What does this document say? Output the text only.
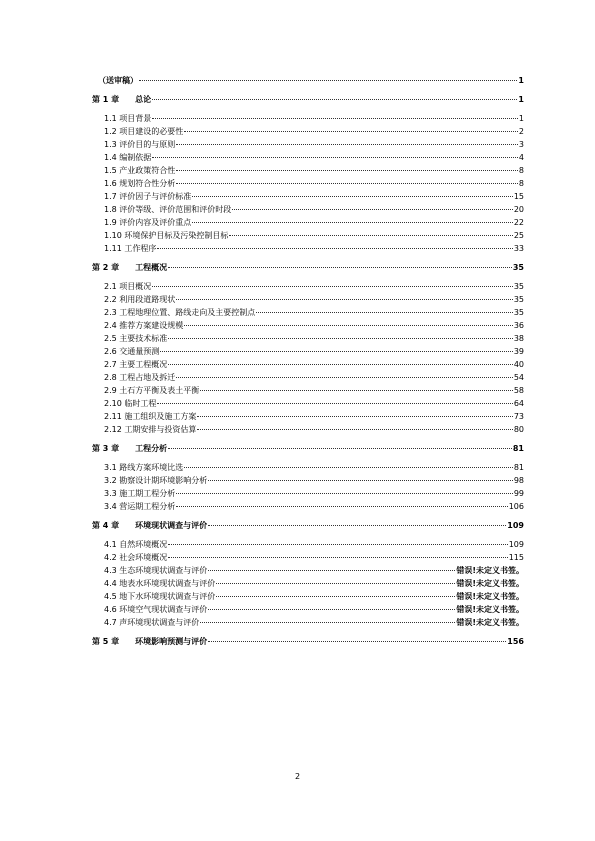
（送审稿）	1
第 1 章　　总论	1
1.1 项目背景	1
1.2 项目建设的必要性	2
1.3 评价目的与原则	3
1.4 编制依据	4
1.5 产业政策符合性	8
1.6 规划符合性分析	8
1.7 评价因子与评价标准	15
1.8 评价等级、评价范围和评价时段	20
1.9 评价内容及评价重点	22
1.10 环境保护目标及污染控制目标	25
1.11 工作程序	33
第 2 章　　工程概况	35
2.1 项目概况	35
2.2 利用段道路现状	35
2.3 工程地理位置、路线走向及主要控制点	35
2.4 推荐方案建设规模	36
2.5 主要技术标准	38
2.6 交通量预测	39
2.7 主要工程概况	40
2.8 工程占地及拆迁	54
2.9 土石方平衡及表土平衡	58
2.10 临时工程	64
2.11 施工组织及施工方案	73
2.12 工期安排与投资估算	80
第 3 章　　工程分析	81
3.1 路线方案环境比选	81
3.2 勘察设计期环境影响分析	98
3.3 施工期工程分析	99
3.4 营运期工程分析	106
第 4 章　　环境现状调查与评价	109
4.1 自然环境概况	109
4.2 社会环境概况	115
4.3 生态环境现状调查与评价	错误!未定义书签。
4.4 地表水环境现状调查与评价	错误!未定义书签。
4.5 地下水环境现状调查与评价	错误!未定义书签。
4.6 环境空气现状调查与评价	错误!未定义书签。
4.7 声环境现状调查与评价	错误!未定义书签。
第 5 章　　环境影响预测与评价	156
2
